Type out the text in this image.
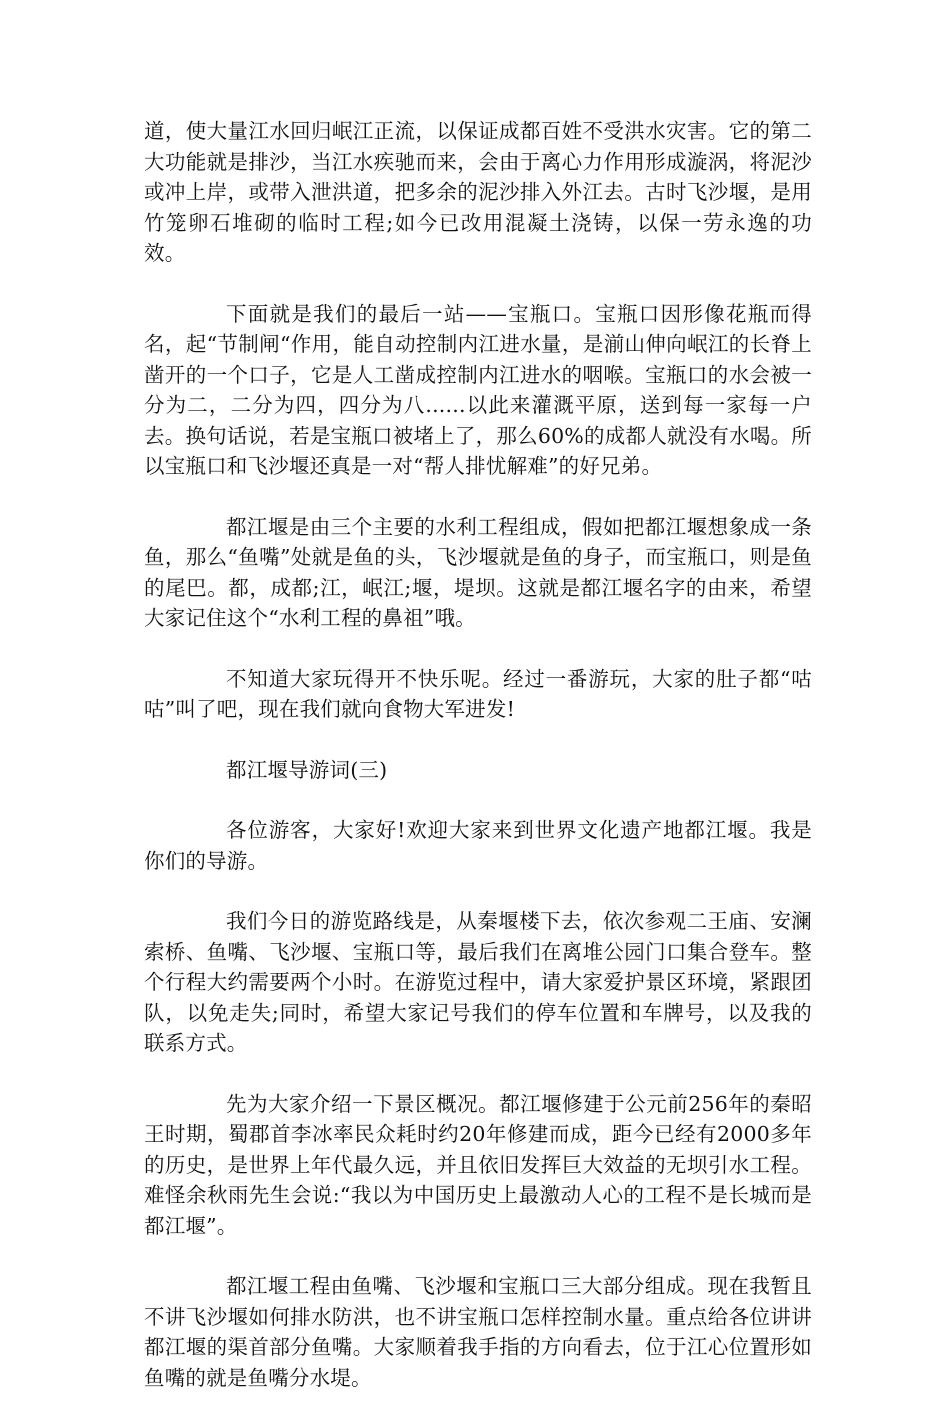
道，使大量江水回归岷江正流，以保证成都百姓不受洪水灾害。它的第二大功能就是排沙，当江水疾驰而来，会由于离心力作用形成漩涡，将泥沙或冲上岸，或带入泄洪道，把多余的泥沙排入外江去。古时飞沙堰，是用竹笼卵石堆砌的临时工程;如今已改用混凝土浇铸，以保一劳永逸的功效。

下面就是我们的最后一站——宝瓶口。宝瓶口因形像花瓶而得名，起“节制闸“作用，能自动控制内江进水量，是湔山伸向岷江的长脊上凿开的一个口子，它是人工凿成控制内江进水的咽喉。宝瓶口的水会被一分为二，二分为四，四分为八......以此来灌溉平原，送到每一家每一户去。换句话说，若是宝瓶口被堵上了，那么60%的成都人就没有水喝。所以宝瓶口和飞沙堰还真是一对“帮人排忧解难”的好兄弟。

都江堰是由三个主要的水利工程组成，假如把都江堰想象成一条鱼，那么“鱼嘴”处就是鱼的头，飞沙堰就是鱼的身子，而宝瓶口，则是鱼的尾巴。都，成都;江，岷江;堰，堤坝。这就是都江堰名字的由来，希望大家记住这个“水利工程的鼻祖”哦。

不知道大家玩得开不快乐呢。经过一番游玩，大家的肚子都“咕咕”叫了吧，现在我们就向食物大军进发!

都江堰导游词(三)

各位游客，大家好!欢迎大家来到世界文化遗产地都江堰。我是你们的导游。

我们今日的游览路线是，从秦堰楼下去，依次参观二王庙、安澜索桥、鱼嘴、飞沙堰、宝瓶口等，最后我们在离堆公园门口集合登车。整个行程大约需要两个小时。在游览过程中，请大家爱护景区环境，紧跟团队，以免走失;同时，希望大家记号我们的停车位置和车牌号，以及我的联系方式。

先为大家介绍一下景区概况。都江堰修建于公元前256年的秦昭王时期，蜀郡首李冰率民众耗时约20年修建而成，距今已经有2000多年的历史，是世界上年代最久远，并且依旧发挥巨大效益的无坝引水工程。难怪余秋雨先生会说:“我以为中国历史上最激动人心的工程不是长城而是都江堰”。

都江堰工程由鱼嘴、飞沙堰和宝瓶口三大部分组成。现在我暂且不讲飞沙堰如何排水防洪，也不讲宝瓶口怎样控制水量。重点给各位讲讲都江堰的渠首部分鱼嘴。大家顺着我手指的方向看去，位于江心位置形如鱼嘴的就是鱼嘴分水堤。
